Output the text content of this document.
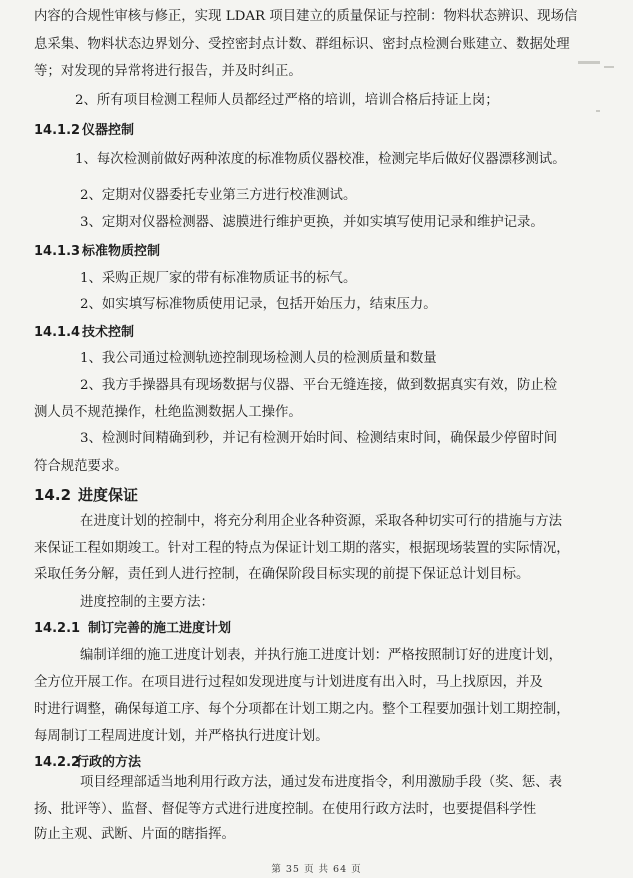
内容的合规性审核与修正，实现 LDAR 项目建立的质量保证与控制：物料状态辨识、现场信
息采集、物料状态边界划分、受控密封点计数、群组标识、密封点检测台账建立、数据处理
等；对发现的异常将进行报告，并及时纠正。
2、所有项目检测工程师人员都经过严格的培训，培训合格后持证上岗；
14.1.2 仪器控制
1、每次检测前做好两种浓度的标准物质仪器校准，检测完毕后做好仪器漂移测试。
2、定期对仪器委托专业第三方进行校准测试。
3、定期对仪器检测器、滤膜进行维护更换，并如实填写使用记录和维护记录。
14.1.3 标准物质控制
1、采购正规厂家的带有标准物质证书的标气。
2、如实填写标准物质使用记录，包括开始压力，结束压力。
14.1.4 技术控制
1、我公司通过检测轨迹控制现场检测人员的检测质量和数量
2、我方手操器具有现场数据与仪器、平台无缝连接，做到数据真实有效，防止检
测人员不规范操作，杜绝监测数据人工操作。
3、检测时间精确到秒，并记有检测开始时间、检测结束时间，确保最少停留时间
符合规范要求。
14.2 进度保证
在进度计划的控制中，将充分利用企业各种资源，采取各种切实可行的措施与方法
来保证工程如期竣工。针对工程的特点为保证计划工期的落实，根据现场装置的实际情况，
采取任务分解，责任到人进行控制，在确保阶段目标实现的前提下保证总计划目标。
进度控制的主要方法：
14.2.1 制订完善的施工进度计划
编制详细的施工进度计划表，并执行施工进度计划：严格按照制订好的进度计划，
全方位开展工作。在项目进行过程如发现进度与计划进度有出入时，马上找原因，并及
时进行调整，确保每道工序、每个分项都在计划工期之内。整个工程要加强计划工期控制，
每周制订工程周进度计划，并严格执行进度计划。
14.2.2行政的方法
项目经理部适当地利用行政方法，通过发布进度指令，利用激励手段（奖、惩、表
扬、批评等）、监督、督促等方式进行进度控制。在使用行政方法时，也要提倡科学性
防止主观、武断、片面的瞎指挥。
第 35 页 共 64 页
